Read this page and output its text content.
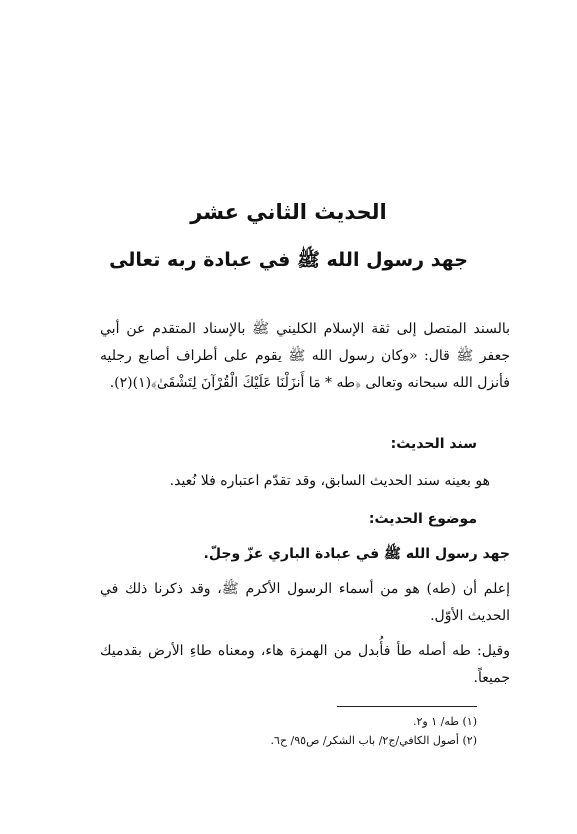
الحديث الثاني عشر
جهد رسول الله ﷺ في عبادة ربه تعالى
بالسند المتصل إلى ثقة الإسلام الكليني ﷺ بالإسناد المتقدم عن أبي جعفر ﷺ قال: «وكان رسول الله ﷺ يقوم على أطراف أصابع رجليه فأنزل الله سبحانه وتعالى ﴿طه * مَا أَنزَلْنَا عَلَيْكَ الْقُرْآنَ لِتَشْقَىٰ﴾(١)(٢).
سند الحديث:
هو بعينه سند الحديث السابق، وقد تقدّم اعتباره فلا نُعيد.
موضوع الحديث:
جهد رسول الله ﷺ في عبادة الباري عزّ وجلّ.
إعلم أن (طه) هو من أسماء الرسول الأكرم ﷺ، وقد ذكرنا ذلك في الحديث الأوّل.
وقيل: طه أصله طأ فأُبدل من الهمزة هاء، ومعناه طاءِ الأرض بقدميك جميعاً.
(١) طه/ ١ و٢.
(٢) أصول الكافي/ج٢/ باب الشكر/ ص٩٥/ ح٦.
